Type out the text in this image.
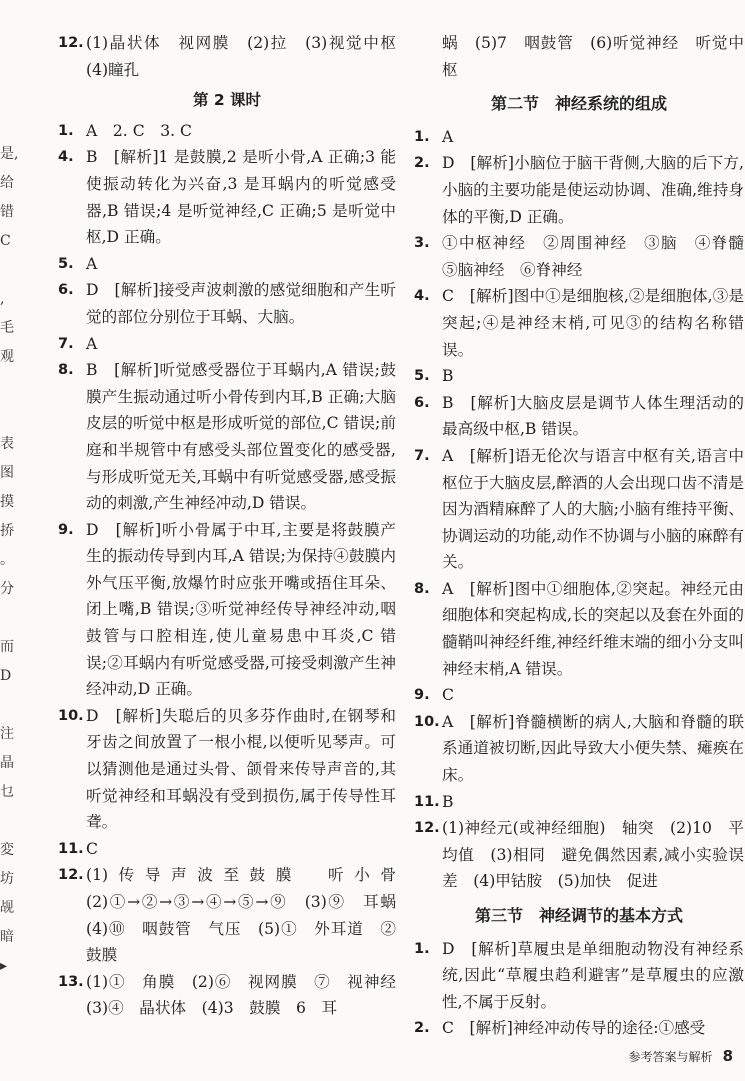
是,
给
错
C
,
毛
观
表
图
摸
挢
。
分
而
D
注
晶
乜
変
坊
觇
暗
▸
12. (1)晶状体　视网膜　(2)拉　(3)视觉中枢　(4)瞳孔
第 2 课时
1. A　2. C　3. C
4. B　[解析]1 是鼓膜,2 是听小骨,A 正确;3 能使振动转化为兴奋,3 是耳蜗内的听觉感受器,B 错误;4 是听觉神经,C 正确;5 是听觉中枢,D 正确。
5. A
6. D　[解析]接受声波刺激的感觉细胞和产生听觉的部位分别位于耳蜗、大脑。
7. A
8. B　[解析]听觉感受器位于耳蜗内,A 错误;鼓膜产生振动通过听小骨传到内耳,B 正确;大脑皮层的听觉中枢是形成听觉的部位,C 错误;前庭和半规管中有感受头部位置变化的感受器,与形成听觉无关,耳蜗中有听觉感受器,感受振动的刺激,产生神经冲动,D 错误。
9. D　[解析]听小骨属于中耳,主要是将鼓膜产生的振动传导到内耳,A 错误;为保持④鼓膜内外气压平衡,放爆竹时应张开嘴或捂住耳朵、闭上嘴,B 错误;③听觉神经传导神经冲动,咽鼓管与口腔相连,使儿童易患中耳炎,C 错误;②耳蜗内有听觉感受器,可接受刺激产生神经冲动,D 正确。
10. D　[解析]失聪后的贝多芬作曲时,在钢琴和牙齿之间放置了一根小棍,以便听见琴声。可以猜测他是通过头骨、颌骨来传导声音的,其听觉神经和耳蜗没有受到损伤,属于传导性耳聋。
11. C
12. (1)传导声波至鼓膜　听小骨　(2)①→②→③→④→⑤→⑨　(3)⑨　耳蜗　(4)⑩　咽鼓管　气压　(5)①　外耳道　②　鼓膜
13. (1)①　角膜　(2)⑥　视网膜　⑦　视神经　(3)④　晶状体　(4)3　鼓膜　6　耳
蜗　(5)7　咽鼓管　(6)听觉神经　听觉中枢
第二节　神经系统的组成
1. A
2. D　[解析]小脑位于脑干背侧,大脑的后下方,小脑的主要功能是使运动协调、准确,维持身体的平衡,D 正确。
3. ①中枢神经　②周围神经　③脑　④脊髓　⑤脑神经　⑥脊神经
4. C　[解析]图中①是细胞核,②是细胞体,③是突起;④是神经末梢,可见③的结构名称错误。
5. B
6. B　[解析]大脑皮层是调节人体生理活动的最高级中枢,B 错误。
7. A　[解析]语无伦次与语言中枢有关,语言中枢位于大脑皮层,醉酒的人会出现口齿不清是因为酒精麻醉了人的大脑;小脑有维持平衡、协调运动的功能,动作不协调与小脑的麻醉有关。
8. A　[解析]图中①细胞体,②突起。神经元由细胞体和突起构成,长的突起以及套在外面的髓鞘叫神经纤维,神经纤维末端的细小分支叫神经末梢,A 错误。
9. C
10. A　[解析]脊髓横断的病人,大脑和脊髓的联系通道被切断,因此导致大小便失禁、瘫痪在床。
11. B
12. (1)神经元(或神经细胞)　轴突　(2)10　平均值　(3)相同　避免偶然因素,减小实验误差　(4)甲钴胺　(5)加快　促进
第三节　神经调节的基本方式
1. D　[解析]草履虫是单细胞动物没有神经系统,因此“草履虫趋利避害”是草履虫的应激性,不属于反射。
2. C　[解析]神经冲动传导的途径:①感受
参考答案与解析 8
